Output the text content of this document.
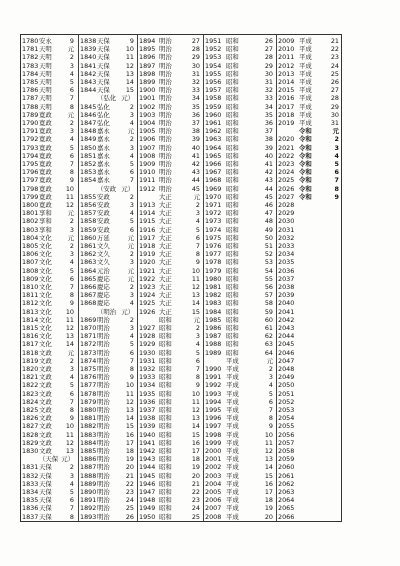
1780 安永	9
1781 天明 元
1782 天明	2
1783 天明	3
1784 天明	4
1785 天明	5
1786 天明	6
1787 天明	7
1788 天明	8
1789 寛政 元
1790 寛政	2
1791 寛政	3
1792 寛政	4
1793 寛政	5
1794 寛政	6
1795 寛政	7
1796 寛政	8
1797 寛政	9
1798 寛政 10
1799 寛政 11
1800 寛政 12
1801 享和 元
1802 享和	2
1803 享和	3
1804 文化 元
1805 文化	2
1806 文化	3
1807 文化	4
1808 文化	5
1809 文化	6
1810 文化	7
1811 文化	8
1812 文化	9
1813 文化 10
1814 文化 11
1815 文化 12
1816 文化 13
1817 文化 14
1818 文政 元
1819 文政	2
1820 文政	3
1821 文政	4
1822 文政	5
1823 文政	6
1824 文政	7
1825 文政	8
1826 文政	9
1827 文政 10
1828 文政 11
1829 文政 12
1830 文政 13
（天保 元）
1831 天保	2
1832 天保	3
1833 天保	4
1834 天保	5
1835 天保	6
1836 天保	7
1837 天保	8
1838 天保	9
1839 天保	10
1840 天保	11
1841 天保	12
1842 天保	13
1843 天保	14
1844 天保	15
（弘化 元）
1845 弘化	2
1846 弘化	3
1847 弘化	4
1848 嘉永	元
1849 嘉永	2
1850 嘉永	3
1851 嘉永	4
1852 嘉永	5
1853 嘉永	6
1854 嘉永	7
（安政 元）
1855 安政	2
1856 安政	3
1857 安政	4
1858 安政	5
1859 安政	6
1860 万延	元
1861 文久	元
1862 文久	2
1863 文久	3
1864 元治	元
1865 慶応	元
1866 慶応	2
1867 慶応	3
1868 慶応	4
（明治 元）
1869 明治	2
1870 明治	3
1871 明治	4
1872 明治	5
1873 明治	6
1874 明治	7
1875 明治	8
1876 明治	9
1877 明治	10
1878 明治	11
1879 明治	12
1880 明治	13
1881 明治	14
1882 明治	15
1883 明治	16
1884 明治	17
1885 明治	18
1886 明治	19
1887 明治	20
1888 明治	21
1889 明治	22
1890 明治	23
1891 明治	24
1892 明治	25
1893 明治	26
1894 明治	27
1895 明治	28
1896 明治	29
1897 明治	30
1898 明治	31
1899 明治	32
1900 明治	33
1901 明治	34
1902 明治	35
1903 明治	36
1904 明治	37
1905 明治	38
1906 明治	39
1907 明治	40
1908 明治	41
1909 明治	42
1910 明治	43
1911 明治	44
1912 明治	45
大正	元
1913 大正	2
1914 大正	3
1915 大正	4
1916 大正	5
1917 大正	6
1918 大正	7
1919 大正	8
1920 大正	9
1921 大正	10
1922 大正	11
1923 大正	12
1924 大正	13
1925 大正	14
1926 大正	15
昭和	元
1927 昭和	2
1928 昭和	3
1929 昭和	4
1930 昭和	5
1931 昭和	6
1932 昭和	7
1933 昭和	8
1934 昭和	9
1935 昭和	10
1936 昭和	11
1937 昭和	12
1938 昭和	13
1939 昭和	14
1940 昭和	15
1941 昭和	16
1942 昭和	17
1943 昭和	18
1944 昭和	19
1945 昭和	20
1946 昭和	21
1947 昭和	22
1948 昭和	23
1949 昭和	24
1950 昭和	25
1951 昭和	26
1952 昭和	27
1953 昭和	28
1954 昭和	29
1955 昭和	30
1956 昭和	31
1957 昭和	32
1958 昭和	33
1959 昭和	34
1960 昭和	35
1961 昭和	36
1962 昭和	37
1963 昭和	38
1964 昭和	39
1965 昭和	40
1966 昭和	41
1967 昭和	42
1968 昭和	43
1969 昭和	44
1970 昭和	45
1971 昭和	46
1972 昭和	47
1973 昭和	48
1974 昭和	49
1975 昭和	50
1976 昭和	51
1977 昭和	52
1978 昭和	53
1979 昭和	54
1980 昭和	55
1981 昭和	56
1982 昭和	57
1983 昭和	58
1984 昭和	59
1985 昭和	60
1986 昭和	61
1987 昭和	62
1988 昭和	63
1989 昭和	64
平成	元
1990 平成	2
1991 平成	3
1992 平成	4
1993 平成	5
1994 平成	6
1995 平成	7
1996 平成	8
1997 平成	9
1998 平成	10
1999 平成	11
2000 平成	12
2001 平成	13
2002 平成	14
2003 平成	15
2004 平成	16
2005 平成	17
2006 平成	18
2007 平成	19
2008 平成	20
2009 平成	21
2010 平成	22
2011 平成	23
2012 平成	24
2013 平成	25
2014 平成	26
2015 平成	27
2016 平成	28
2017 平成	29
2018 平成	30
2019 平成	31
令和	元
2020 令和	2
2021 令和	3
2022 令和	4
2023 令和	5
2024 令和	6
2025 令和	7
2026 令和	8
2027 令和	9
2028
2029
2030
2031
2032
2033
2034
2035
2036
2037
2038
2039
2040
2041
2042
2043
2044
2045
2046
2047
2048
2049
2050
2051
2052
2053
2054
2055
2056
2057
2058
2059
2060
2061
2062
2063
2064
2065
2066
